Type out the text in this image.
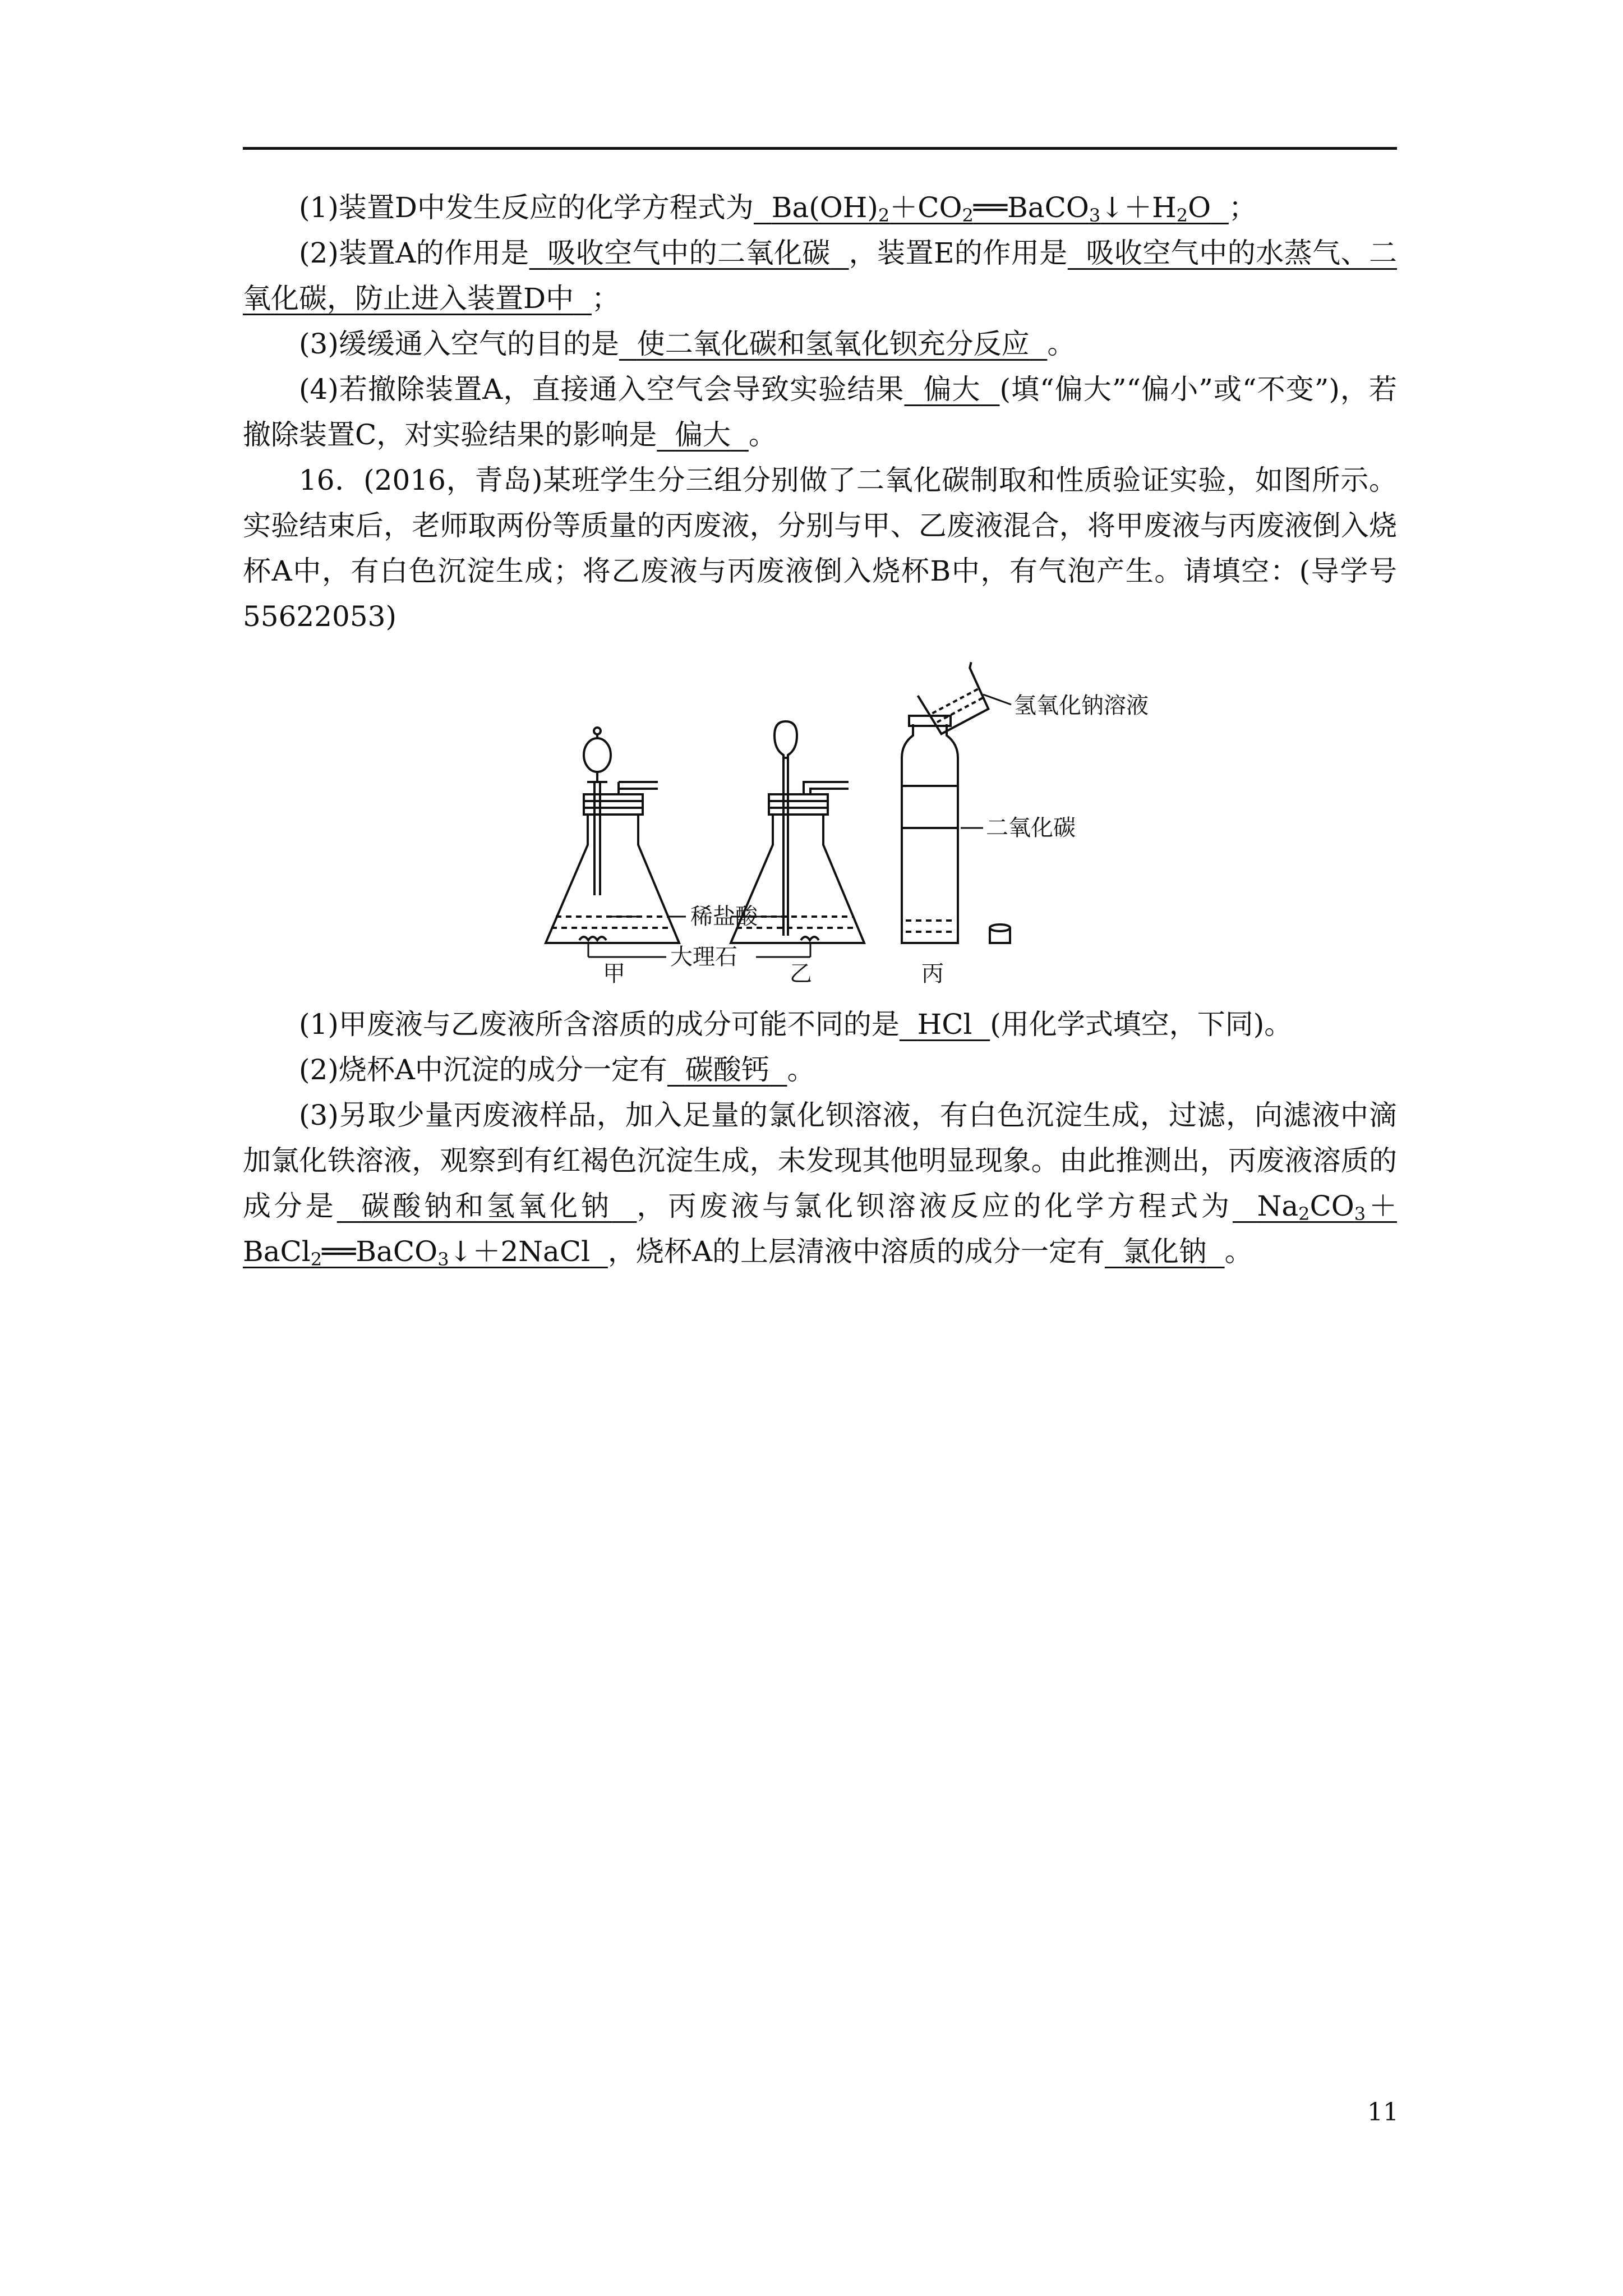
(1)装置D中发生反应的化学方程式为 $Ba(OH)_2+CO_2══BaCO_3↓+H_2O$ ；

(2)装置A的作用是 吸收空气中的二氧化碳 ，装置E的作用是 吸收空气中的水蒸气、二氧化碳，防止进入装置D中 ；

(3)缓缓通入空气的目的是 使二氧化碳和氢氧化钡充分反应 。

(4)若撤除装置A，直接通入空气会导致实验结果 偏大 (填“偏大”“偏小”或“不变”)，若撤除装置C，对实验结果的影响是 偏大 。

16．(2016，青岛)某班学生分三组分别做了二氧化碳制取和性质验证实验，如图所示。实验结束后，老师取两份等质量的丙废液，分别与甲、乙废液混合，将甲废液与丙废液倒入烧杯A中，有白色沉淀生成；将乙废液与丙废液倒入烧杯B中，有气泡产生。请填空：(导学号　55622053)

稀盐酸
大理石
氢氧化钠溶液
二氧化碳
甲	乙	丙

(1)甲废液与乙废液所含溶质的成分可能不同的是 HCl (用化学式填空，下同)。

(2)烧杯A中沉淀的成分一定有 碳酸钙 。

(3)另取少量丙废液样品，加入足量的氯化钡溶液，有白色沉淀生成，过滤，向滤液中滴加氯化铁溶液，观察到有红褐色沉淀生成，未发现其他明显现象。由此推测出，丙废液溶质的成分是 碳酸钠和氢氧化钠 ，丙废液与氯化钡溶液反应的化学方程式为 $Na_2CO_3+BaCl_2══BaCO_3↓+2NaCl$ ，烧杯A的上层清液中溶质的成分一定有 氯化钠 。

11
